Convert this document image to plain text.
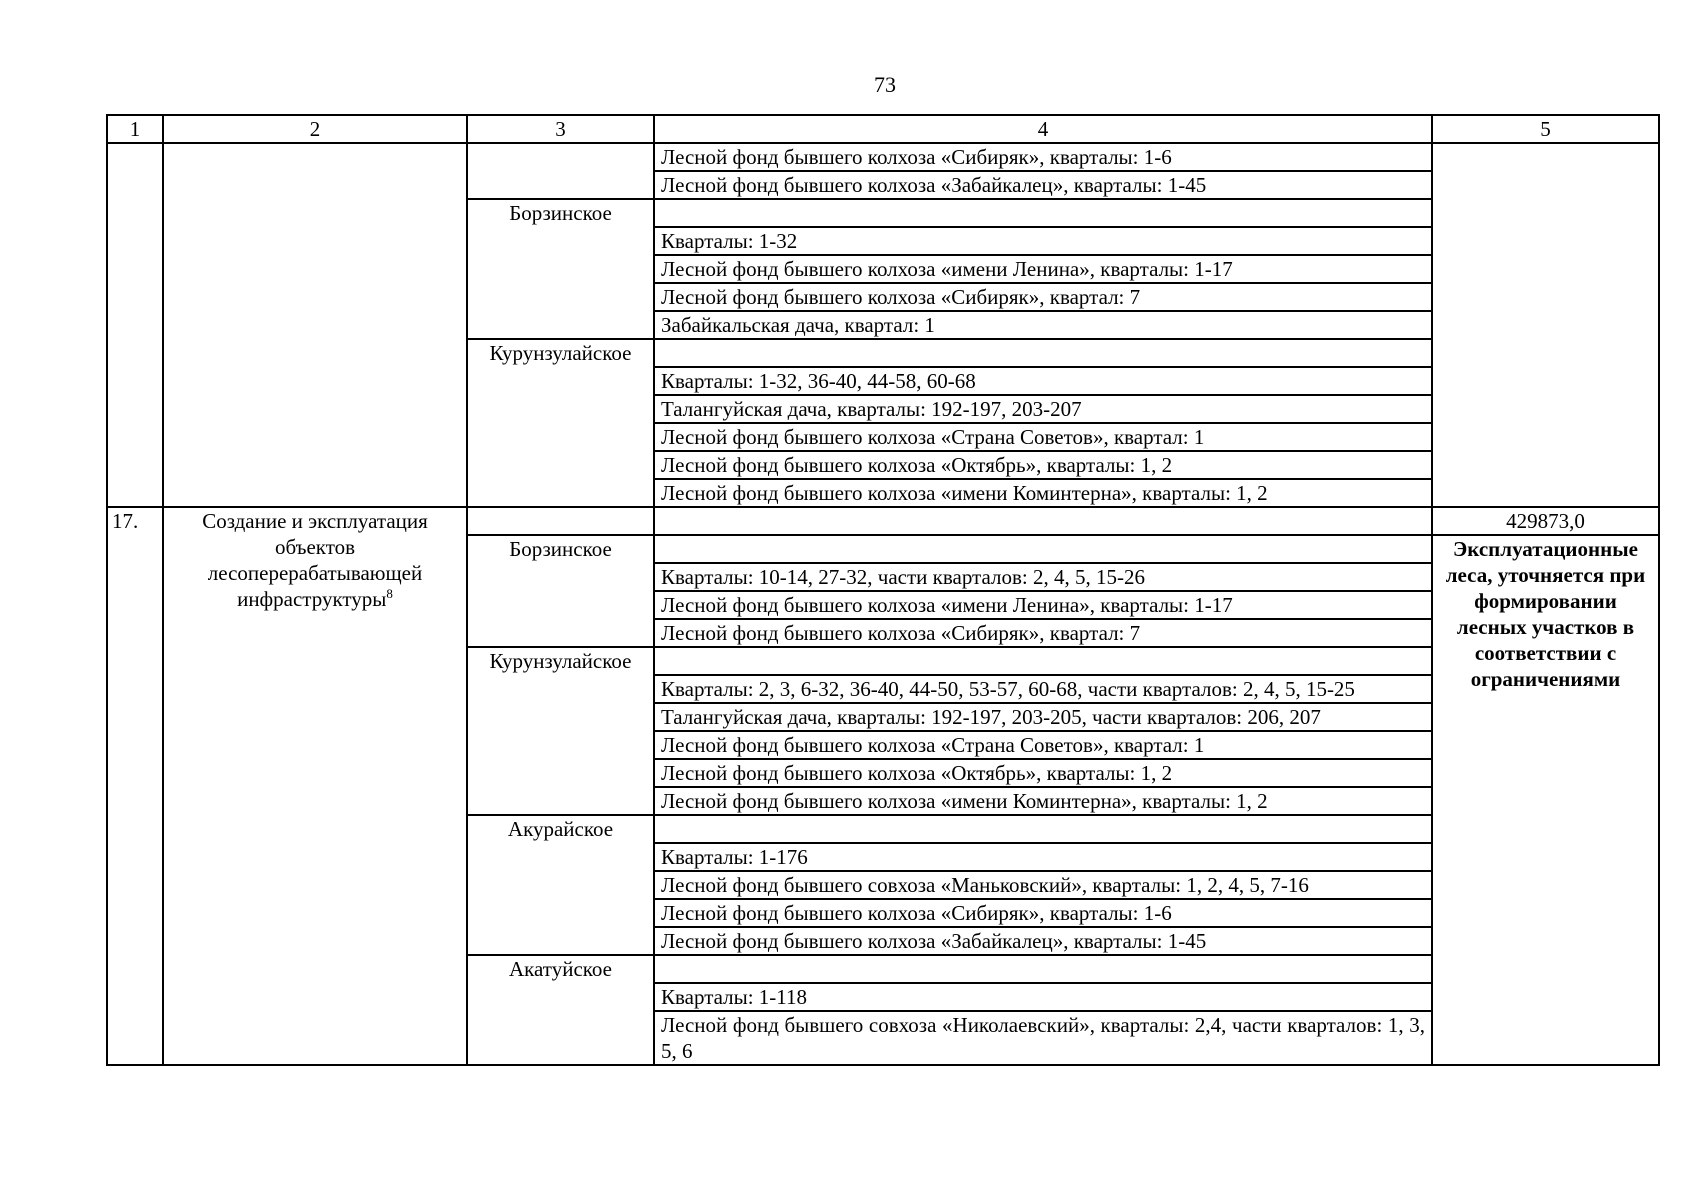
73
1	2	3	4	5
			Лесной фонд бывшего колхоза «Сибиряк», кварталы: 1-6	
			Лесной фонд бывшего колхоза «Забайкалец», кварталы: 1-45	
		Борзинское		
			Кварталы: 1-32	
			Лесной фонд бывшего колхоза «имени Ленина», кварталы: 1-17	
			Лесной фонд бывшего колхоза «Сибиряк», квартал: 7	
			Забайкальская дача, квартал: 1	
		Курунзулайское		
			Кварталы: 1-32, 36-40, 44-58, 60-68	
			Талангуйская дача, кварталы: 192-197, 203-207	
			Лесной фонд бывшего колхоза «Страна Советов», квартал: 1	
			Лесной фонд бывшего колхоза «Октябрь», кварталы: 1, 2	
			Лесной фонд бывшего колхоза «имени Коминтерна», кварталы: 1, 2	
17.	Создание и эксплуатация объектов лесоперерабатывающей инфраструктуры$^8$			429873,0
		Борзинское		Эксплуатационные леса, уточняется при формировании лесных участков в соответствии с ограничениями
			Кварталы: 10-14, 27-32, части кварталов: 2, 4, 5, 15-26	
			Лесной фонд бывшего колхоза «имени Ленина», кварталы: 1-17	
			Лесной фонд бывшего колхоза «Сибиряк», квартал: 7	
		Курунзулайское		
			Кварталы: 2, 3, 6-32, 36-40, 44-50, 53-57, 60-68, части кварталов: 2, 4, 5, 15-25	
			Талангуйская дача, кварталы: 192-197, 203-205, части кварталов: 206, 207	
			Лесной фонд бывшего колхоза «Страна Советов», квартал: 1	
			Лесной фонд бывшего колхоза «Октябрь», кварталы: 1, 2	
			Лесной фонд бывшего колхоза «имени Коминтерна», кварталы: 1, 2	
		Акурайское		
			Кварталы: 1-176	
			Лесной фонд бывшего совхоза «Маньковский», кварталы: 1, 2, 4, 5, 7-16	
			Лесной фонд бывшего колхоза «Сибиряк», кварталы: 1-6	
			Лесной фонд бывшего колхоза «Забайкалец», кварталы: 1-45	
		Акатуйское		
			Кварталы: 1-118	
			Лесной фонд бывшего совхоза «Николаевский», кварталы: 2,4, части кварталов: 1, 3, 5, 6	
